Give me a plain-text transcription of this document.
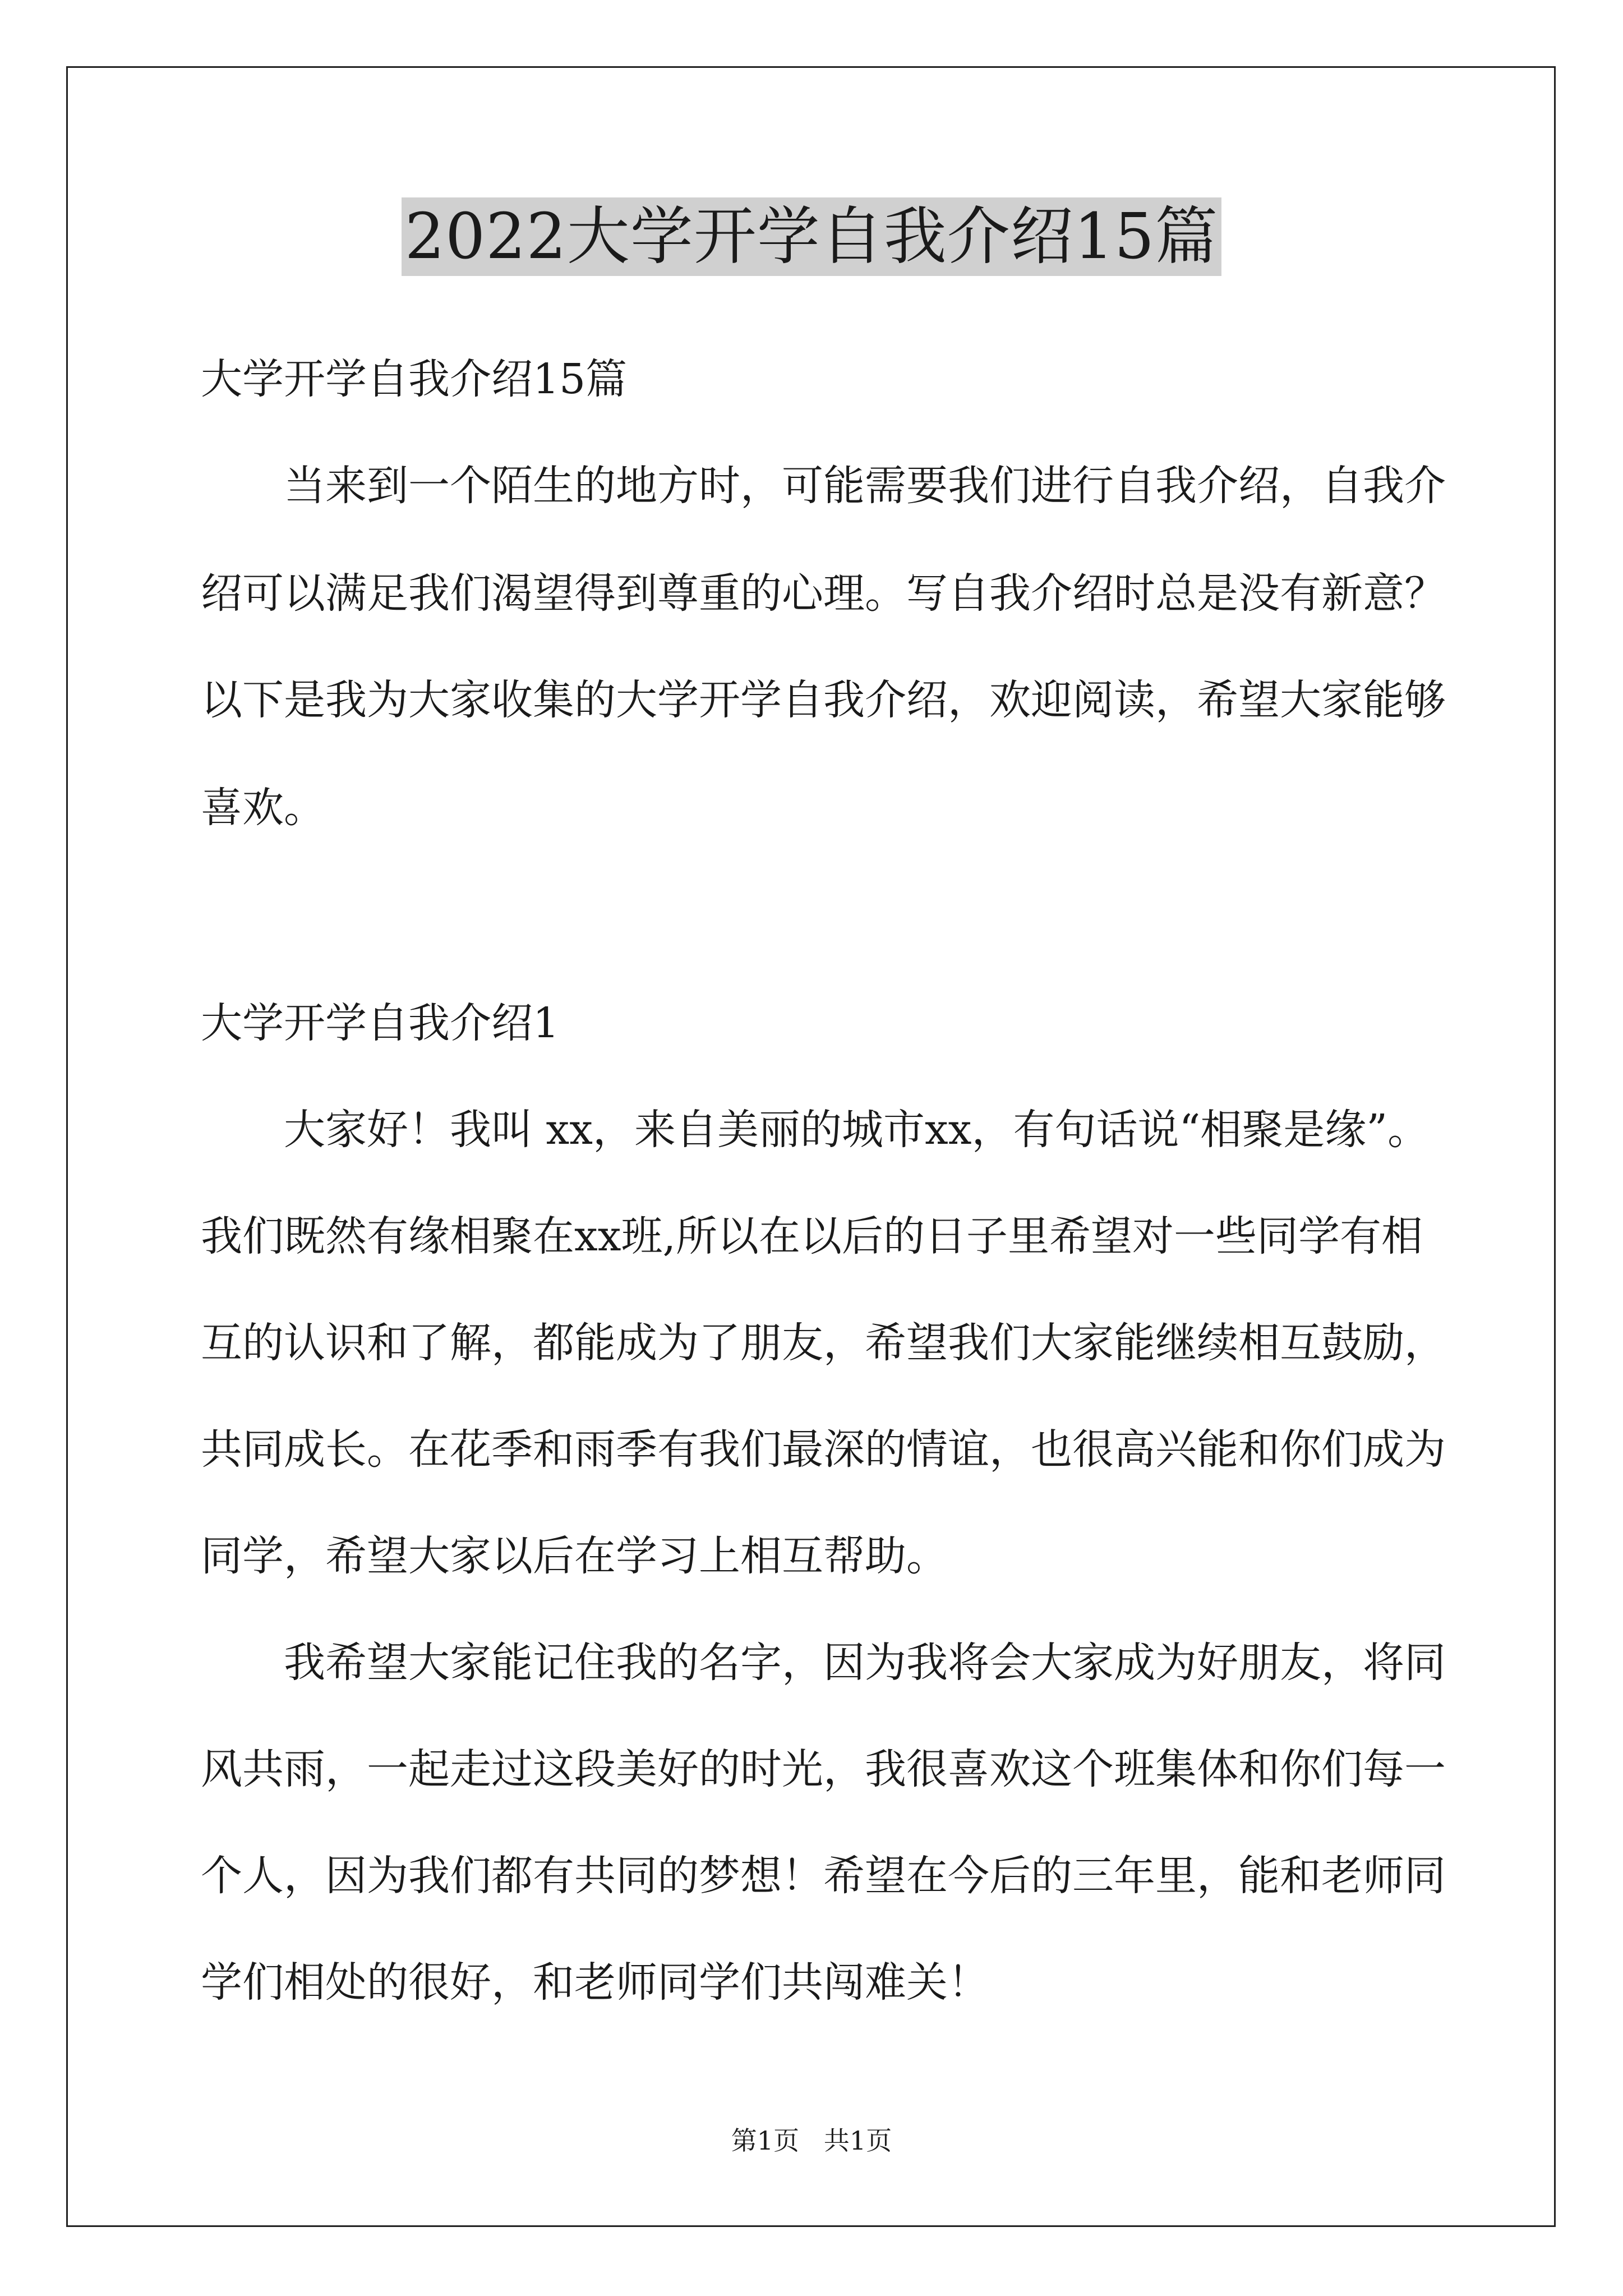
2022大学开学自我介绍15篇
大学开学自我介绍15篇
当来到一个陌生的地方时，可能需要我们进行自我介绍，自我介
绍可以满足我们渴望得到尊重的心理。写自我介绍时总是没有新意？
以下是我为大家收集的大学开学自我介绍，欢迎阅读，希望大家能够
喜欢。
大学开学自我介绍1
大家好！我叫 xx，来自美丽的城市xx，有句话说“相聚是缘”。
我们既然有缘相聚在xx班,所以在以后的日子里希望对一些同学有相
互的认识和了解，都能成为了朋友，希望我们大家能继续相互鼓励，
共同成长。在花季和雨季有我们最深的情谊，也很高兴能和你们成为
同学，希望大家以后在学习上相互帮助。
我希望大家能记住我的名字，因为我将会大家成为好朋友，将同
风共雨，一起走过这段美好的时光，我很喜欢这个班集体和你们每一
个人，因为我们都有共同的梦想！希望在今后的三年里，能和老师同
学们相处的很好，和老师同学们共闯难关！
第1页   共1页
